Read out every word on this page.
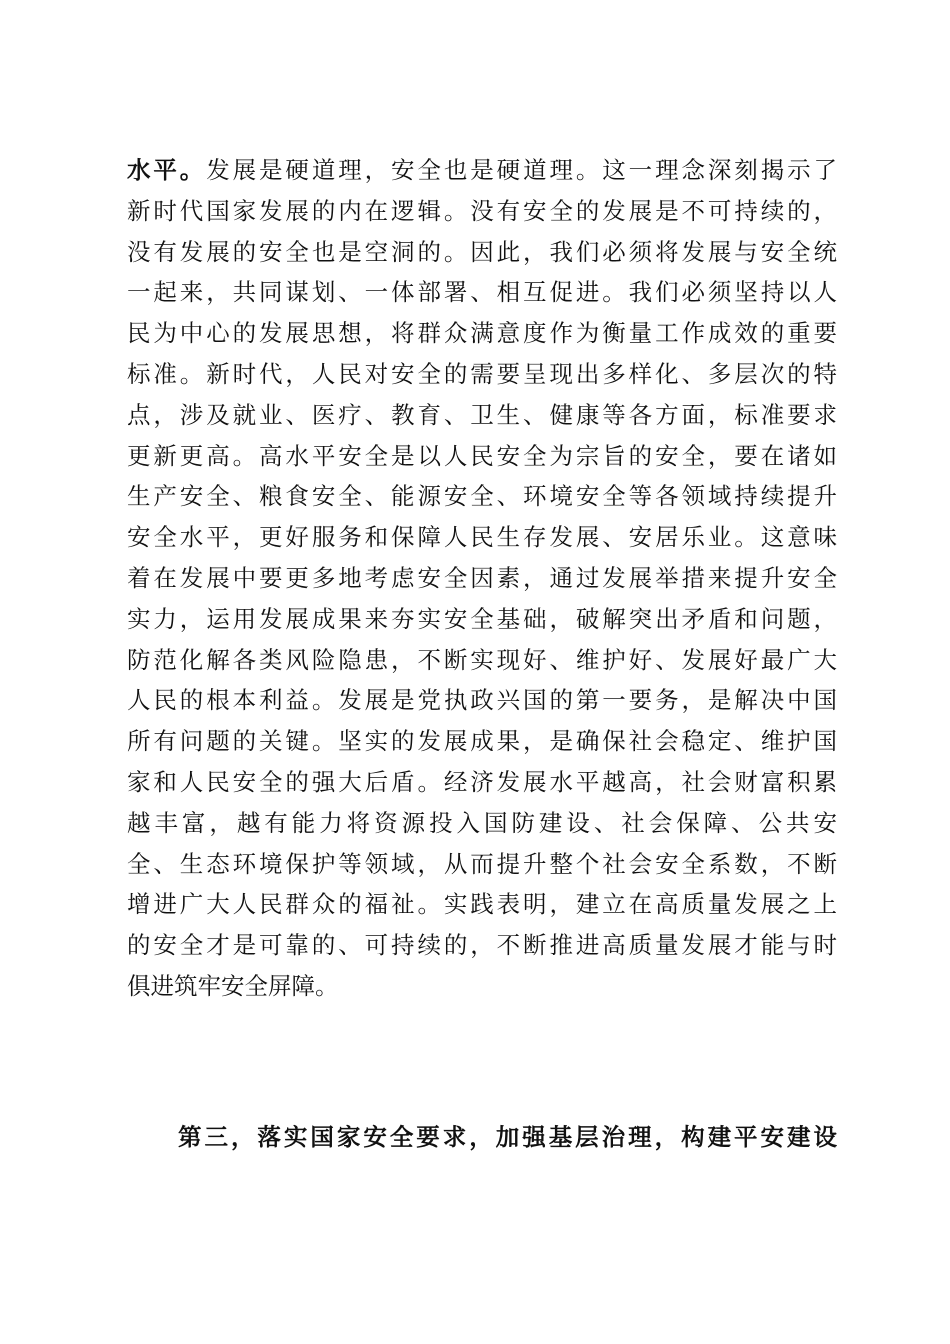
水平。发展是硬道理，安全也是硬道理。这一理念深刻揭示了
新时代国家发展的内在逻辑。没有安全的发展是不可持续的，
没有发展的安全也是空洞的。因此，我们必须将发展与安全统
一起来，共同谋划、一体部署、相互促进。我们必须坚持以人
民为中心的发展思想，将群众满意度作为衡量工作成效的重要
标准。新时代，人民对安全的需要呈现出多样化、多层次的特
点，涉及就业、医疗、教育、卫生、健康等各方面，标准要求
更新更高。高水平安全是以人民安全为宗旨的安全，要在诸如
生产安全、粮食安全、能源安全、环境安全等各领域持续提升
安全水平，更好服务和保障人民生存发展、安居乐业。这意味
着在发展中要更多地考虑安全因素，通过发展举措来提升安全
实力，运用发展成果来夯实安全基础，破解突出矛盾和问题，
防范化解各类风险隐患，不断实现好、维护好、发展好最广大
人民的根本利益。发展是党执政兴国的第一要务，是解决中国
所有问题的关键。坚实的发展成果，是确保社会稳定、维护国
家和人民安全的强大后盾。经济发展水平越高，社会财富积累
越丰富，越有能力将资源投入国防建设、社会保障、公共安
全、生态环境保护等领域，从而提升整个社会安全系数，不断
增进广大人民群众的福祉。实践表明，建立在高质量发展之上
的安全才是可靠的、可持续的，不断推进高质量发展才能与时
俱进筑牢安全屏障。
第三，落实国家安全要求，加强基层治理，构建平安建设
